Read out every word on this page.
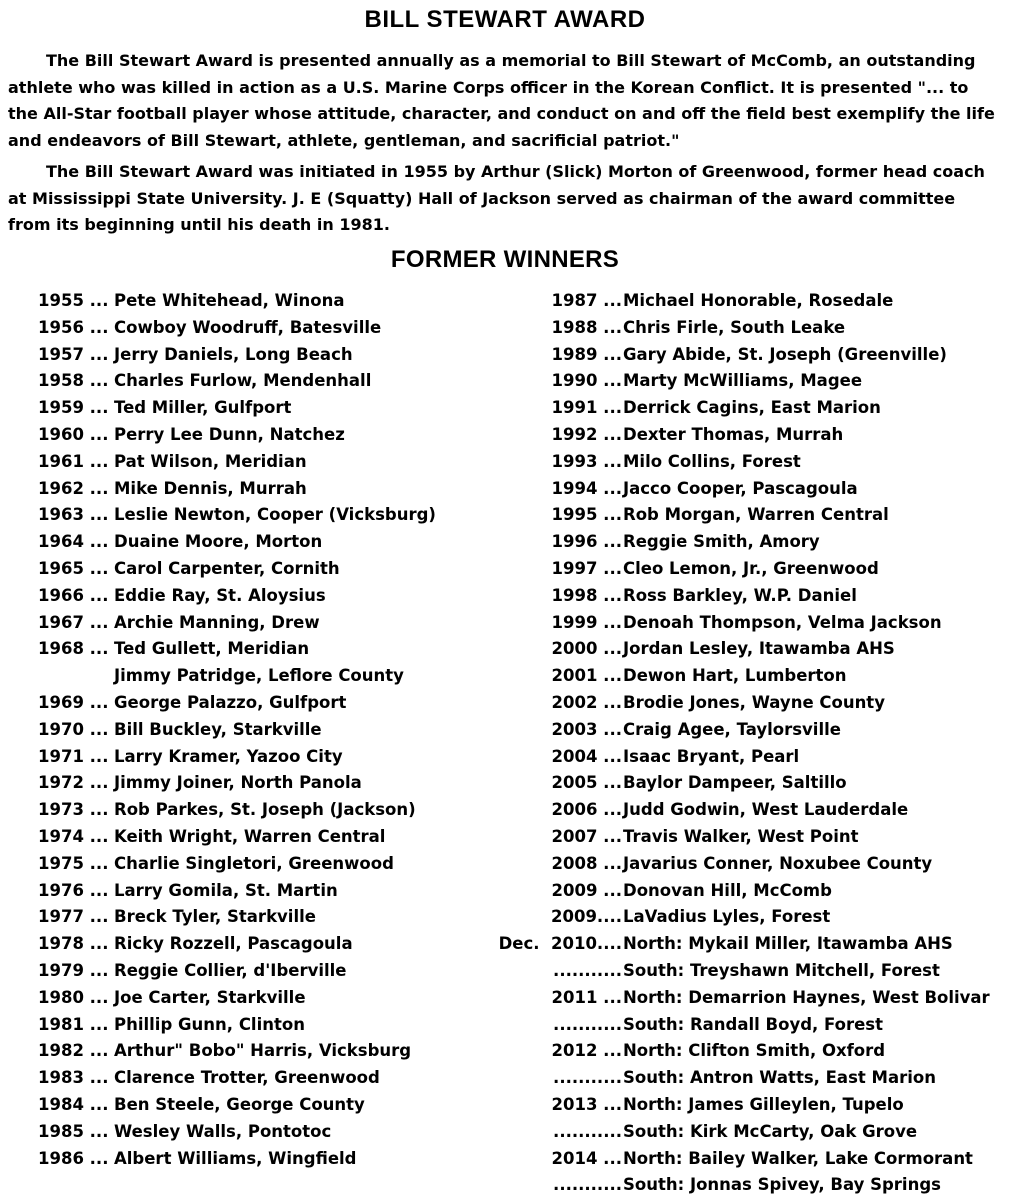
BILL STEWART AWARD

The Bill Stewart Award is presented annually as a memorial to Bill Stewart of McComb, an outstanding athlete who was killed in action as a U.S. Marine Corps officer in the Korean Conflict. It is presented "... to the All-Star football player whose attitude, character, and conduct on and off the field best exemplify the life and endeavors of Bill Stewart, athlete, gentleman, and sacrificial patriot."

The Bill Stewart Award was initiated in 1955 by Arthur (Slick) Morton of Greenwood, former head coach at Mississippi State University. J. E (Squatty) Hall of Jackson served as chairman of the award committee from its beginning until his death in 1981.

FORMER WINNERS
1955 ... Pete Whitehead, Winona
1956 ... Cowboy Woodruff, Batesville
1957 ... Jerry Daniels, Long Beach
1958 ... Charles Furlow, Mendenhall
1959 ... Ted Miller, Gulfport
1960 ... Perry Lee Dunn, Natchez
1961 ... Pat Wilson, Meridian
1962 ... Mike Dennis, Murrah
1963 ... Leslie Newton, Cooper (Vicksburg)
1964 ... Duaine Moore, Morton
1965 ... Carol Carpenter, Cornith
1966 ... Eddie Ray, St. Aloysius
1967 ... Archie Manning, Drew
1968 ... Ted Gullett, Meridian
Jimmy Patridge, Leflore County
1969 ... George Palazzo, Gulfport
1970 ... Bill Buckley, Starkville
1971 ... Larry Kramer, Yazoo City
1972 ... Jimmy Joiner, North Panola
1973 ... Rob Parkes, St. Joseph (Jackson)
1974 ... Keith Wright, Warren Central
1975 ... Charlie Singletori, Greenwood
1976 ... Larry Gomila, St. Martin
1977 ... Breck Tyler, Starkville
1978 ... Ricky Rozzell, Pascagoula
1979 ... Reggie Collier, d'Iberville
1980 ... Joe Carter, Starkville
1981 ... Phillip Gunn, Clinton
1982 ... Arthur" Bobo" Harris, Vicksburg
1983 ... Clarence Trotter, Greenwood
1984 ... Ben Steele, George County
1985 ... Wesley Walls, Pontotoc
1986 ... Albert Williams, Wingfield
1987 ... Michael Honorable, Rosedale
1988 ... Chris Firle, South Leake
1989 ... Gary Abide, St. Joseph (Greenville)
1990 ... Marty McWilliams, Magee
1991 ... Derrick Cagins, East Marion
1992 ... Dexter Thomas, Murrah
1993 ... Milo Collins, Forest
1994 ... Jacco Cooper, Pascagoula
1995 ... Rob Morgan, Warren Central
1996 ... Reggie Smith, Amory
1997 ... Cleo Lemon, Jr., Greenwood
1998 ... Ross Barkley, W.P. Daniel
1999 ... Denoah Thompson, Velma Jackson
2000 ... Jordan Lesley, Itawamba AHS
2001 ... Dewon Hart, Lumberton
2002 ... Brodie Jones, Wayne County
2003 ... Craig Agee, Taylorsville
2004 ... Isaac Bryant, Pearl
2005 ... Baylor Dampeer, Saltillo
2006 ... Judd Godwin, West Lauderdale
2007 ... Travis Walker, West Point
2008 ... Javarius Conner, Noxubee County
2009 ... Donovan Hill, McComb
2009.... LaVadius Lyles, Forest
Dec.  2010.... North: Mykail Miller, Itawamba AHS
........... South: Treyshawn Mitchell, Forest
2011 ... North: Demarrion Haynes, West Bolivar
........... South: Randall Boyd, Forest
2012 ... North: Clifton Smith, Oxford
........... South: Antron Watts, East Marion
2013 ... North: James Gilleylen, Tupelo
........... South: Kirk McCarty, Oak Grove
2014 ... North: Bailey Walker, Lake Cormorant
........... South: Jonnas Spivey, Bay Springs
